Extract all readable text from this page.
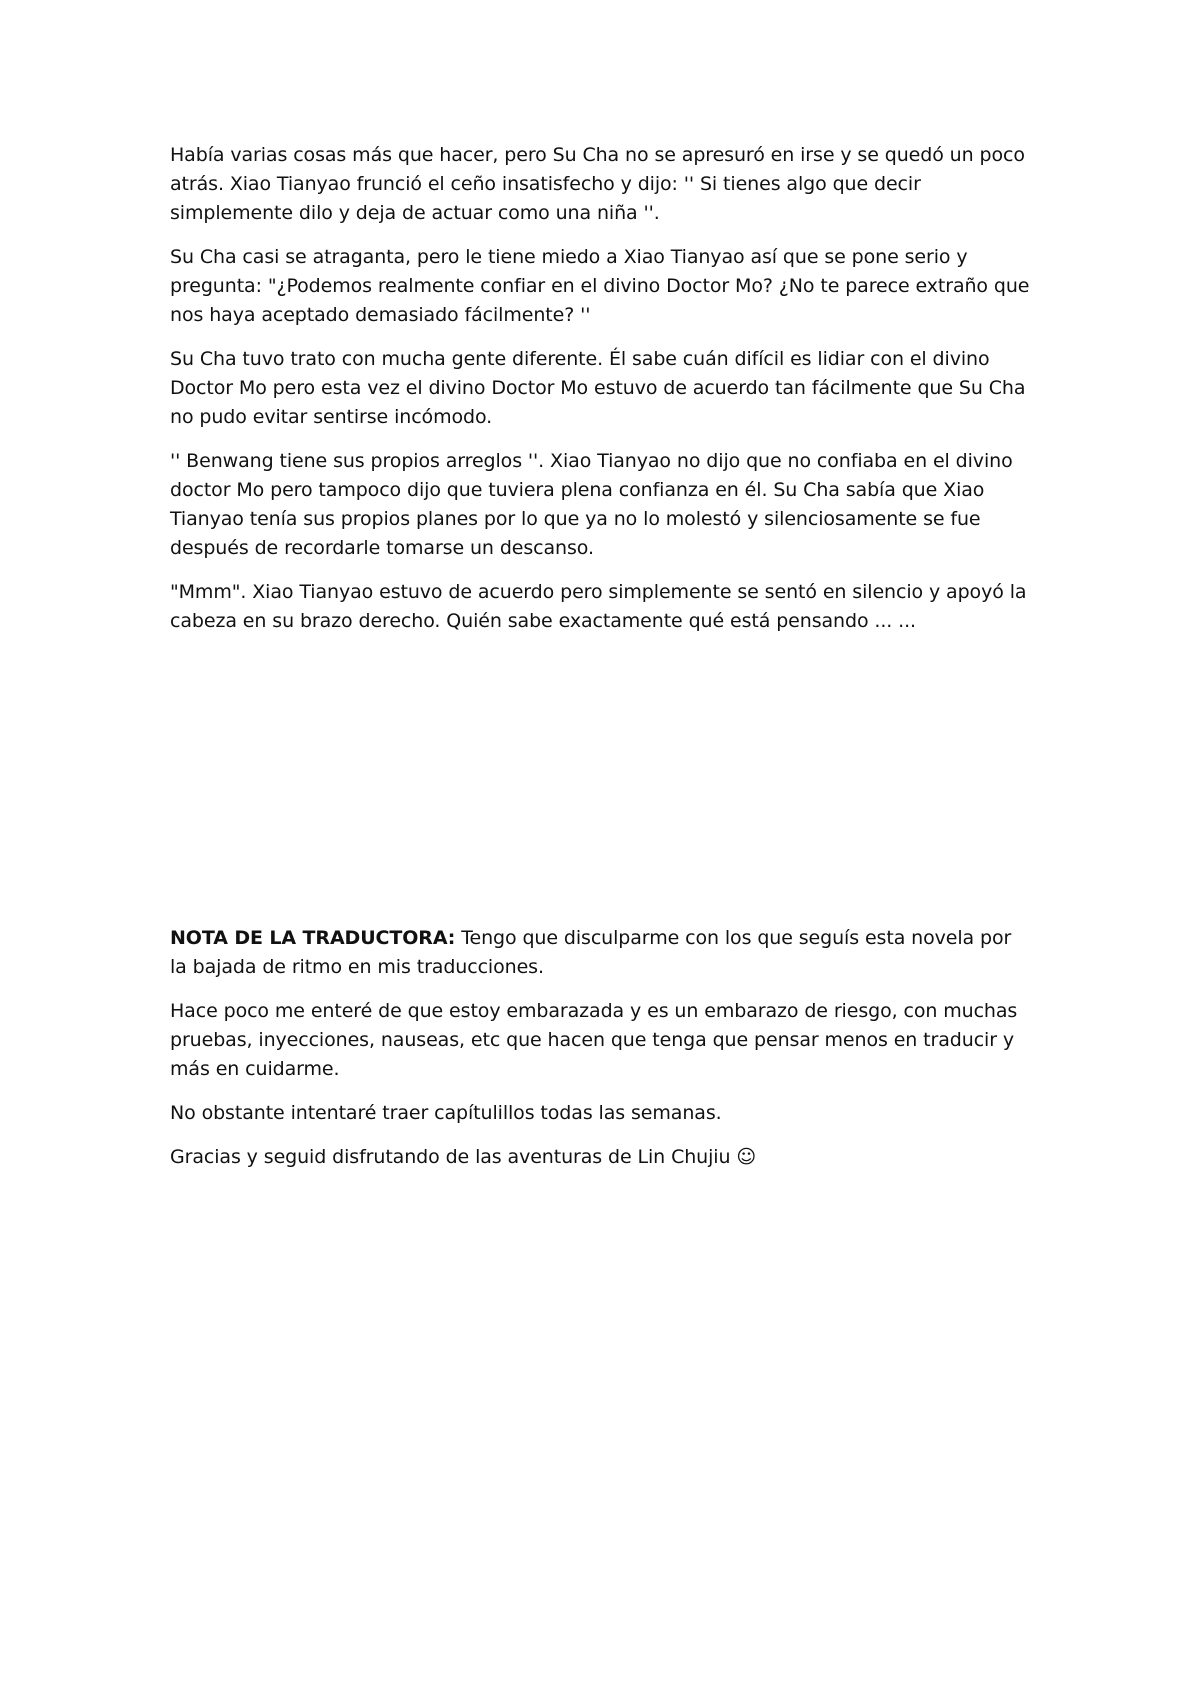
Había varias cosas más que hacer, pero Su Cha no se apresuró en irse y se quedó un poco atrás. Xiao Tianyao frunció el ceño insatisfecho y dijo: '' Si tienes algo que decir simplemente dilo y deja de actuar como una niña ''.

Su Cha casi se atraganta, pero le tiene miedo a Xiao Tianyao así que se pone serio y pregunta: "¿Podemos realmente confiar en el divino Doctor Mo? ¿No te parece extraño que nos haya aceptado demasiado fácilmente? ''

Su Cha tuvo trato con mucha gente diferente. Él sabe cuán difícil es lidiar con el divino Doctor Mo pero esta vez el divino Doctor Mo estuvo de acuerdo tan fácilmente que Su Cha no pudo evitar sentirse incómodo.

'' Benwang tiene sus propios arreglos ''. Xiao Tianyao no dijo que no confiaba en el divino doctor Mo pero tampoco dijo que tuviera plena confianza en él. Su Cha sabía que Xiao Tianyao tenía sus propios planes por lo que ya no lo molestó y silenciosamente se fue después de recordarle tomarse un descanso.

"Mmm". Xiao Tianyao estuvo de acuerdo pero simplemente se sentó en silencio y apoyó la cabeza en su brazo derecho. Quién sabe exactamente qué está pensando ... ...

NOTA DE LA TRADUCTORA: Tengo que disculparme con los que seguís esta novela por la bajada de ritmo en mis traducciones.

Hace poco me enteré de que estoy embarazada y es un embarazo de riesgo, con muchas pruebas, inyecciones, nauseas, etc que hacen que tenga que pensar menos en traducir y más en cuidarme.

No obstante intentaré traer capítulillos todas las semanas.

Gracias y seguid disfrutando de las aventuras de Lin Chujiu ☺
